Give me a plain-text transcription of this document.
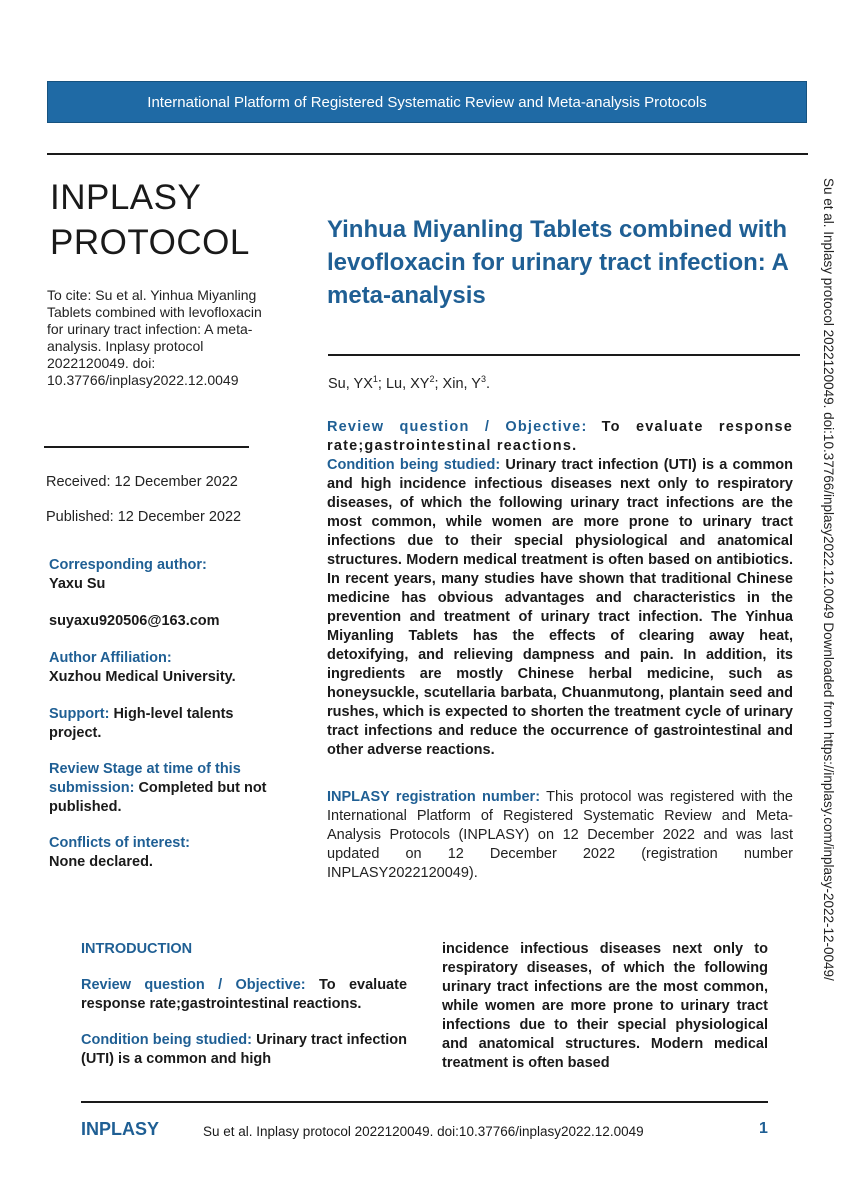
International Platform of Registered Systematic Review and Meta-analysis Protocols
INPLASY
PROTOCOL
To cite: Su et al. Yinhua Miyanling Tablets combined with levofloxacin for urinary tract infection: A meta-analysis. Inplasy protocol 2022120049. doi: 10.37766/inplasy2022.12.0049
Received: 12 December 2022
Published: 12 December 2022
Corresponding author:
Yaxu Su
suyaxu920506@163.com
Author Affiliation:
Xuzhou Medical University.
Support: High-level talents project.
Review Stage at time of this submission: Completed but not published.
Conflicts of interest:
None declared.
Yinhua Miyanling Tablets combined with levofloxacin for urinary tract infection: A meta-analysis
Su, $YX^1$; Lu, $XY^2$; Xin, $Y^3$.
Review question / Objective: To evaluate response rate;gastrointestinal reactions.
Condition being studied: Urinary tract infection (UTI) is a common and high incidence infectious diseases next only to respiratory diseases, of which the following urinary tract infections are the most common, while women are more prone to urinary tract infections due to their special physiological and anatomical structures. Modern medical treatment is often based on antibiotics. In recent years, many studies have shown that traditional Chinese medicine has obvious advantages and characteristics in the prevention and treatment of urinary tract infection. The Yinhua Miyanling Tablets has the effects of clearing away heat, detoxifying, and relieving dampness and pain. In addition, its ingredients are mostly Chinese herbal medicine, such as honeysuckle, scutellaria barbata, Chuanmutong, plantain seed and rushes, which is expected to shorten the treatment cycle of urinary tract infections and reduce the occurrence of gastrointestinal and other adverse reactions.
INPLASY registration number: This protocol was registered with the International Platform of Registered Systematic Review and Meta-Analysis Protocols (INPLASY) on 12 December 2022 and was last updated on 12 December 2022 (registration number INPLASY2022120049).
INTRODUCTION
Review question / Objective: To evaluate response rate;gastrointestinal reactions.
Condition being studied: Urinary tract infection (UTI) is a common and high
incidence infectious diseases next only to respiratory diseases, of which the following urinary tract infections are the most common, while women are more prone to urinary tract infections due to their special physiological and anatomical structures. Modern medical treatment is often based
Su et al. Inplasy protocol 2022120049. doi:10.37766/inplasy2022.12.0049 Downloaded from https://inplasy.com/inplasy-2022-12-0049/
INPLASY	Su et al. Inplasy protocol 2022120049. doi:10.37766/inplasy2022.12.0049	1
